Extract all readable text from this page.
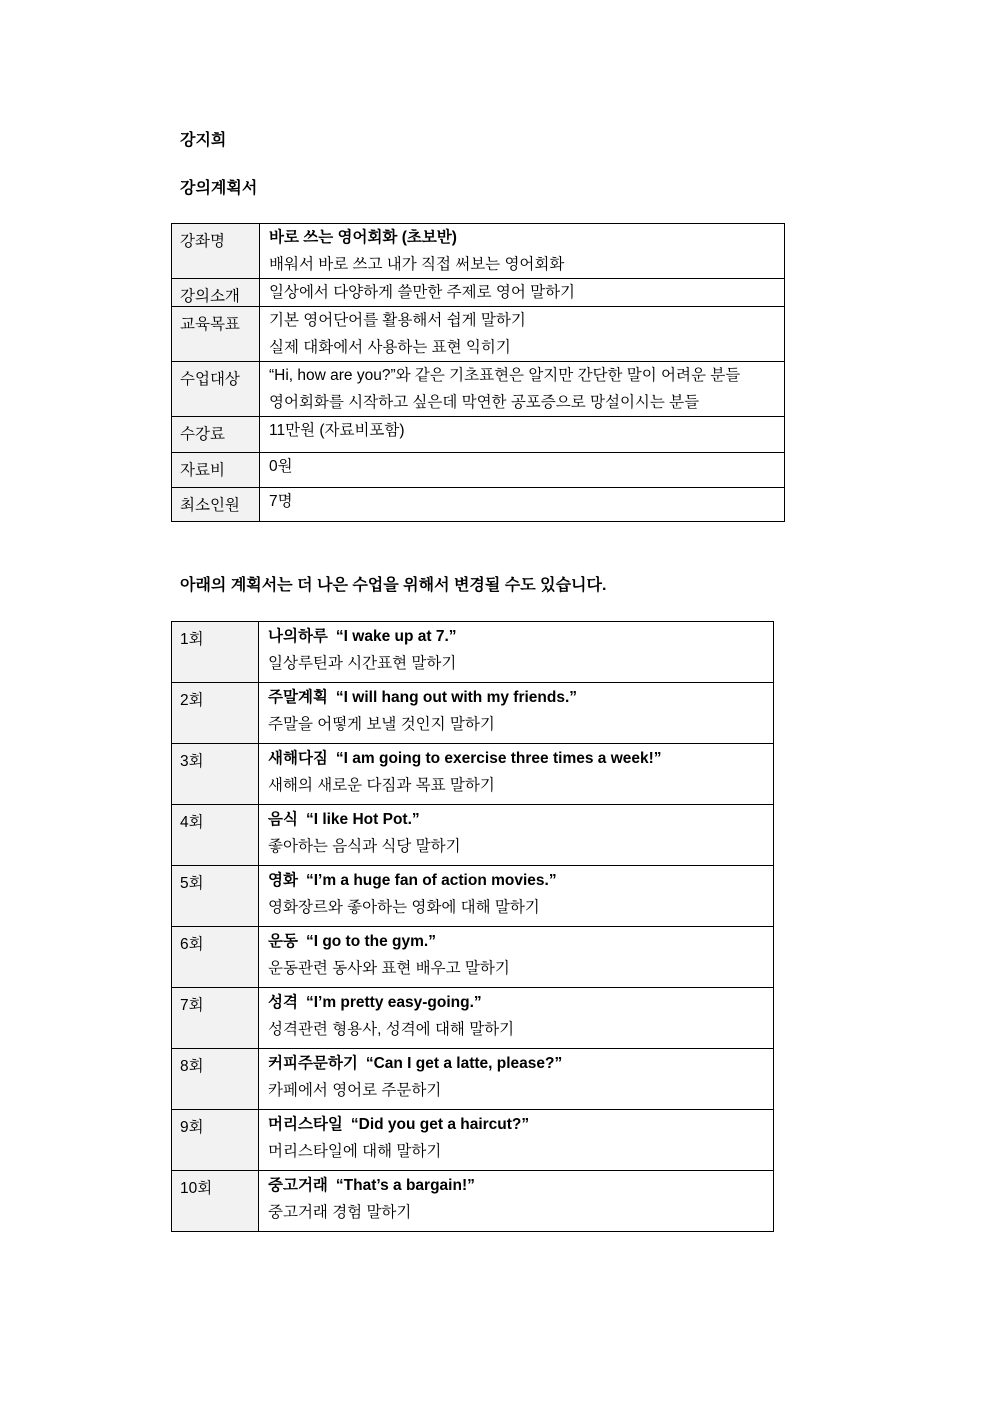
강지희

강의계획서

강좌명	바로 쓰는 영어회화 (초보반)
배워서 바로 쓰고 내가 직접 써보는 영어회화

강의소개	일상에서 다양하게 쓸만한 주제로 영어 말하기

교육목표	기본 영어단어를 활용해서 쉽게 말하기
실제 대화에서 사용하는 표현 익히기

수업대상	“Hi, how are you?”와 같은 기초표현은 알지만 간단한 말이 어려운 분들
영어회화를 시작하고 싶은데 막연한 공포증으로 망설이시는 분들

수강료	11만원 (자료비포함)

자료비	0원

최소인원	7명

아래의 계획서는 더 나은 수업을 위해서 변경될 수도 있습니다.

1회	나의하루 “I wake up at 7.”
일상루틴과 시간표현 말하기

2회	주말계획 “I will hang out with my friends.”
주말을 어떻게 보낼 것인지 말하기

3회	새해다짐 “I am going to exercise three times a week!”
새해의 새로운 다짐과 목표 말하기

4회	음식 “I like Hot Pot.”
좋아하는 음식과 식당 말하기

5회	영화 “I’m a huge fan of action movies.”
영화장르와 좋아하는 영화에 대해 말하기

6회	운동 “I go to the gym.”
운동관련 동사와 표현 배우고 말하기

7회	성격 “I’m pretty easy-going.”
성격관련 형용사, 성격에 대해 말하기

8회	커피주문하기 “Can I get a latte, please?”
카페에서 영어로 주문하기

9회	머리스타일 “Did you get a haircut?”
머리스타일에 대해 말하기

10회	중고거래 “That’s a bargain!”
중고거래 경험 말하기
